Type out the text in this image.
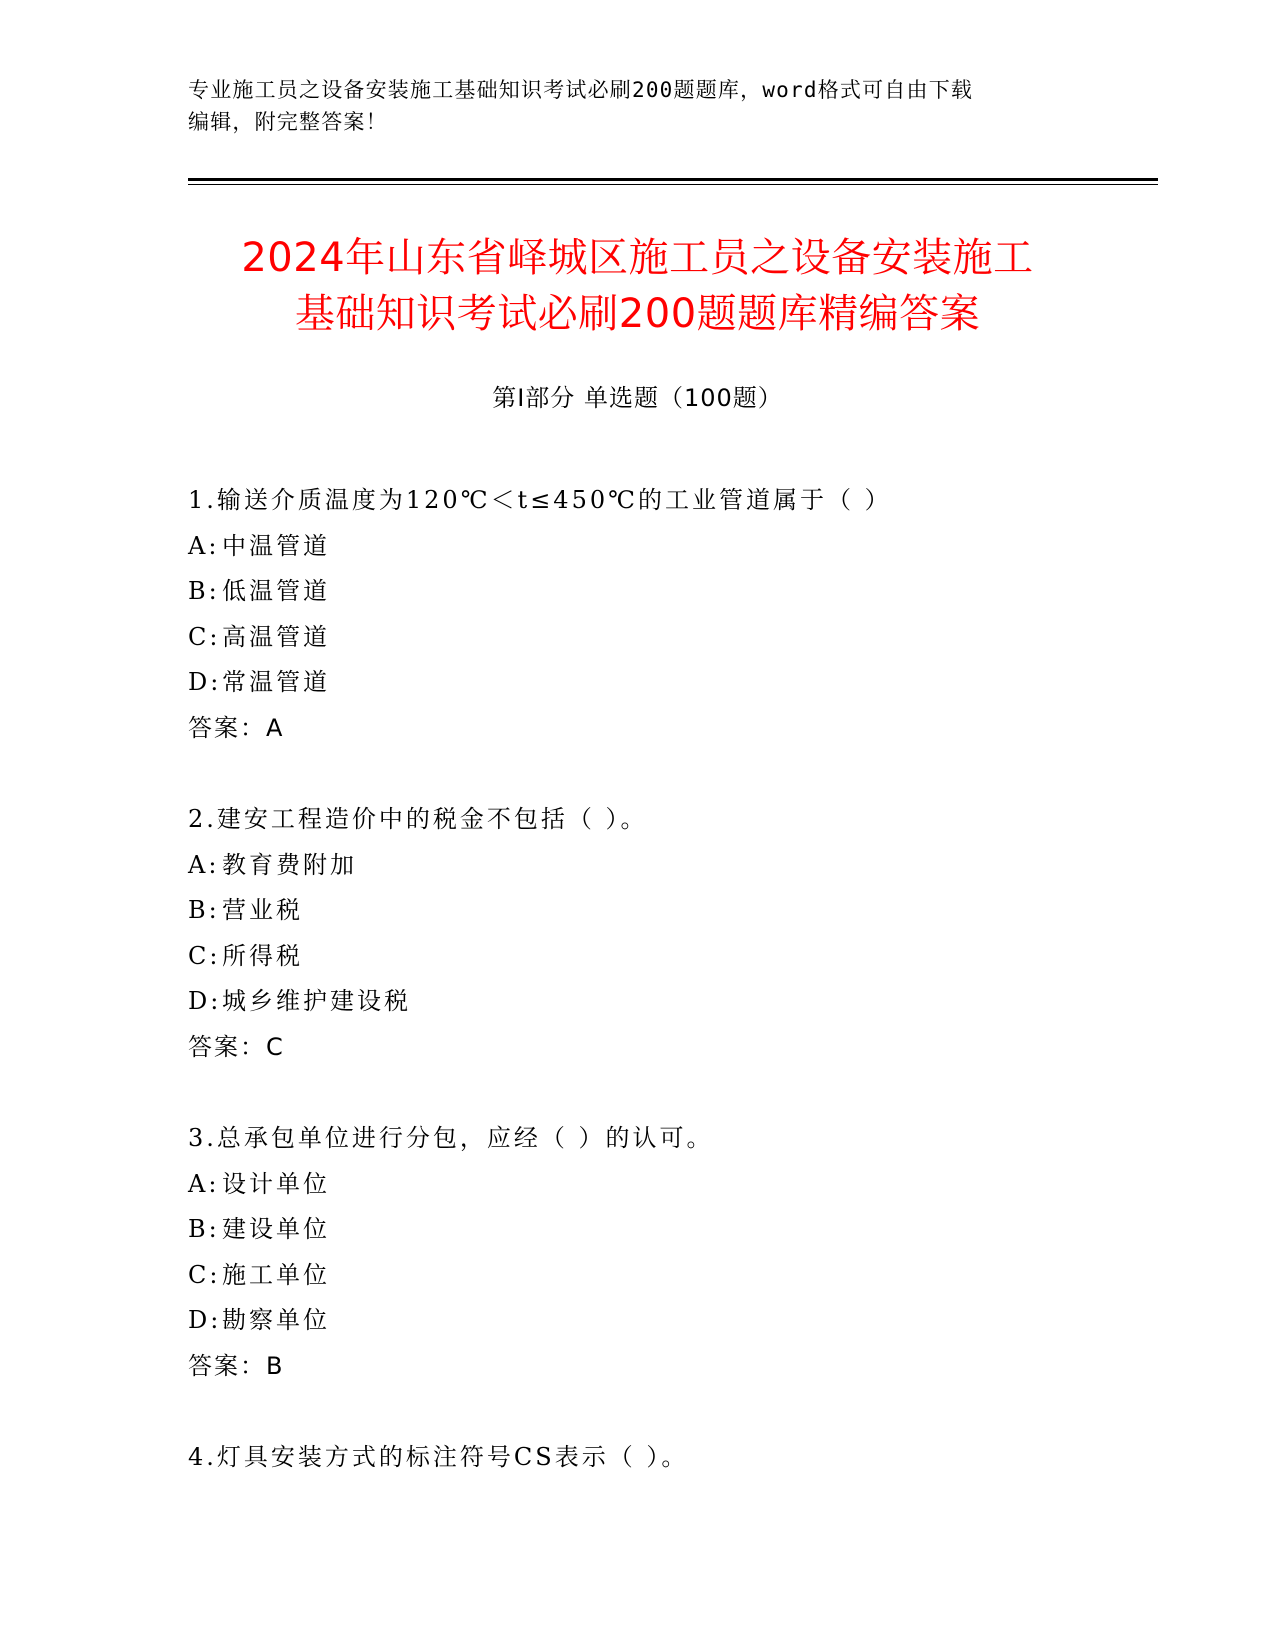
专业施工员之设备安装施工基础知识考试必刷200题题库，word格式可自由下载
编辑，附完整答案！
2024年山东省峄城区施工员之设备安装施工
基础知识考试必刷200题题库精编答案
第Ⅰ部分 单选题（100题）
1.输送介质温度为120℃＜t≤450℃的工业管道属于（ ）
A: 中温管道
B:低温管道
C:高温管道
D:常温管道
答案：A
2.建安工程造价中的税金不包括（ ）。
A: 教育费附加
B:营业税
C:所得税
D:城乡维护建设税
答案：C
3.总承包单位进行分包，应经（ ）的认可。
A: 设计单位
B:建设单位
C:施工单位
D:勘察单位
答案：B
4.灯具安装方式的标注符号CS表示（ ）。
